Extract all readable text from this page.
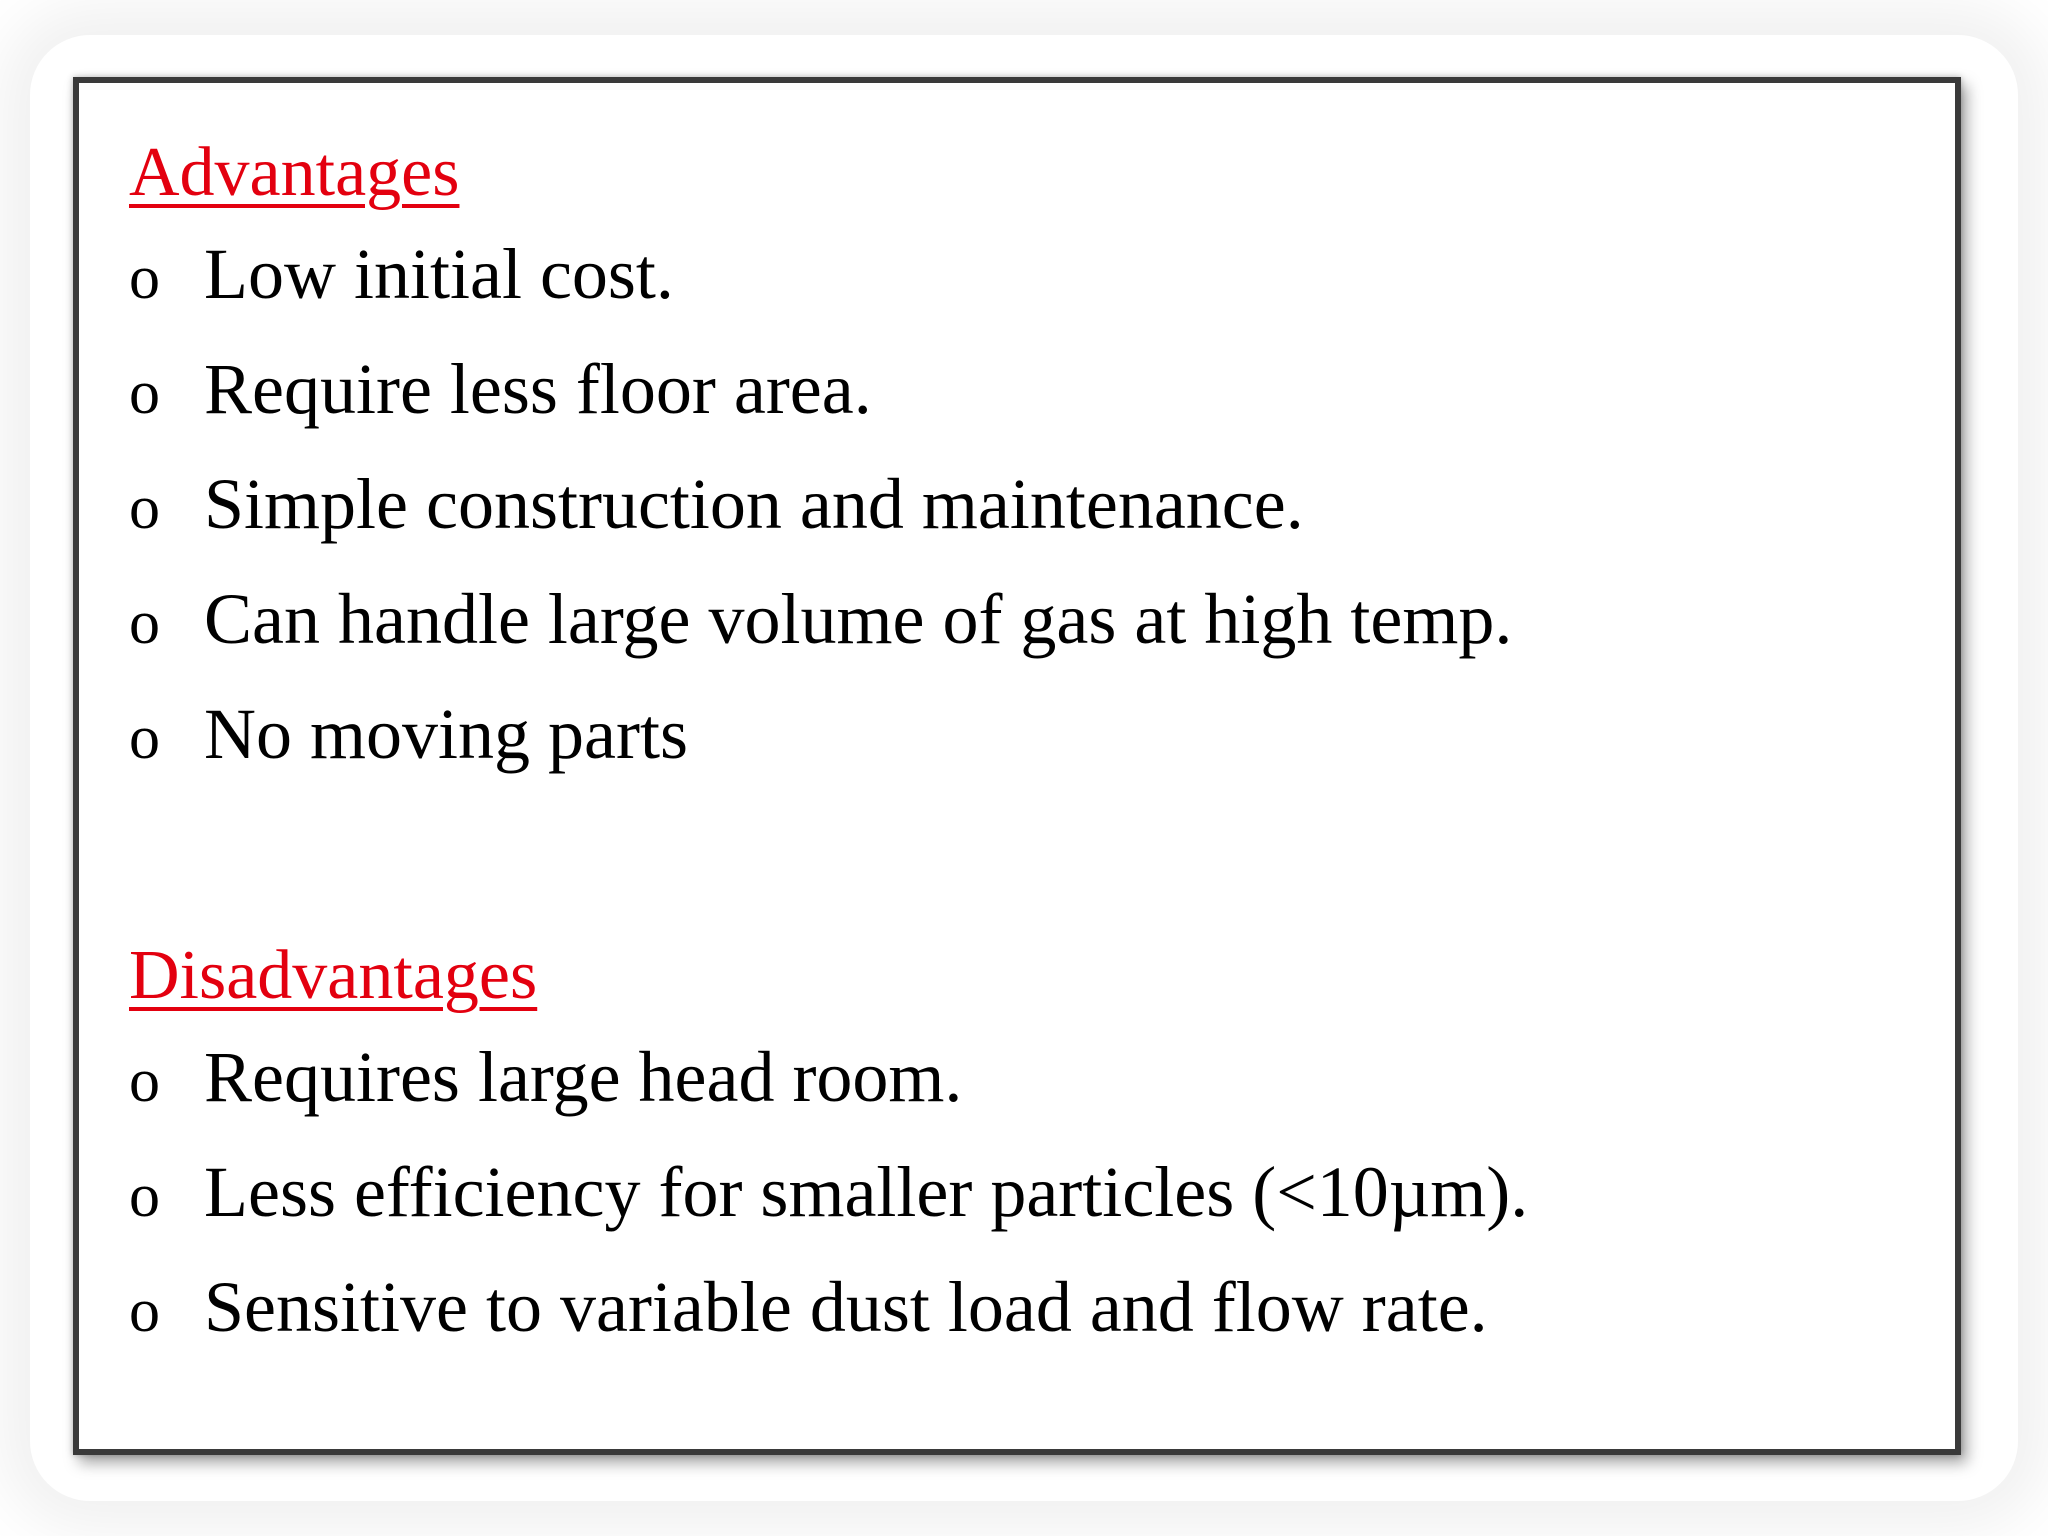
Advantages
o Low initial cost.
o Require less floor area.
o Simple construction and maintenance.
o Can handle large volume of gas at high temp.
o No moving parts
Disadvantages
o Requires large head room.
o Less efficiency for smaller particles (<10µm).
o Sensitive to variable dust load and flow rate.
